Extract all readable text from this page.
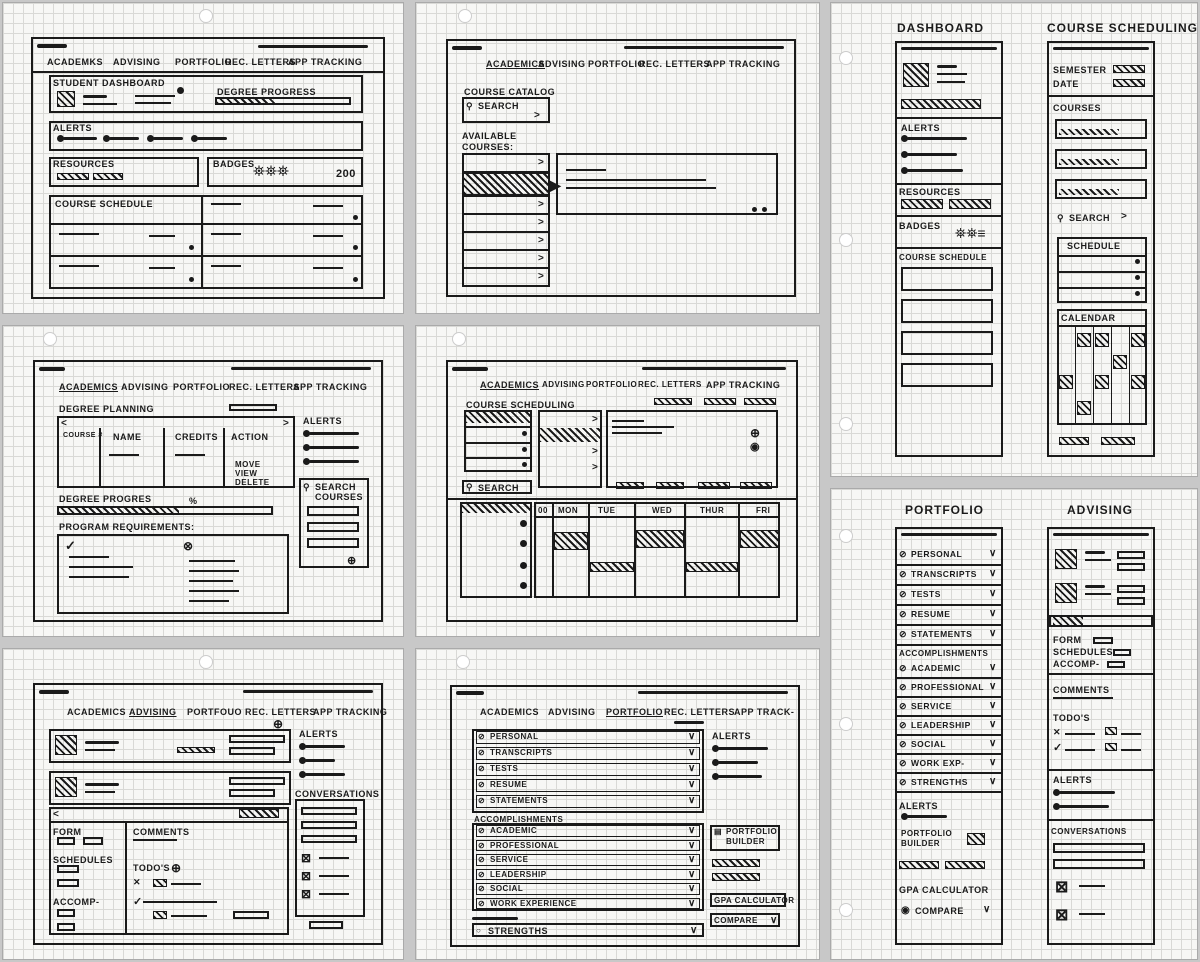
ACADEMKS ADVISING PORTFOLIO
REC. LETTERS
APP TRACKING
STUDENT DASHBOARD
DEGREE PROGRESS
ALERTS
RESOURCES	BADGES
⛯⛯⛯	200
COURSE SCHEDULE
ACADEMICS
ADVISING PORTFOLIO
REC. LETTERS
APP TRACKING
COURSE CATALOG
⚲ SEARCH
>
AVAILABLE COURSES:
▶
>
>
>
>
>
>
ACADEMICS ADVISING PORTFOLIO REC. LETTERS
APP TRACKING
DEGREE PLANNING
<	>
COURSE # NAME	CREDITS ACTION
MOVE
VIEW
DELETE
DEGREE PROGRES	%
PROGRAM REQUIREMENTS:
✓	⊗
ALERTS
⚲ SEARCH COURSES
⊕
ACADEMICS ADVISING PORTFOLIO REC. LETTERS APP TRACKING
COURSE SCHEDULING
>
>
>
⊕
◉
⚲ SEARCH
00 MON TUE	WED	THUR	FRI
ACADEMICS ADVISING PORTFOUO REC. LETTERS
APP TRACKING
⊕
ALERTS
CONVERSATIONS
⊠
⊠
⊠
<
FORM
SCHEDULES
ACCOMP-
COMMENTS
TODO'S ⊕
✕
✓
ACADEMICS ADVISING PORTFOLIO REC. LETTERS
APP TRACK-
ACCOMPLISHMENTS
○ STRENGTHS	∨
ALERTS
▤ PORTFOLIO BUILDER
GPA CALCULATOR
COMPARE ∨
⊘ PERSONAL	∨
⊘ TRANSCRIPTS	∨
⊘ TESTS	∨
⊘ RESUME	∨
⊘ STATEMENTS	∨
⊘ ACADEMIC	∨
⊘ PROFESSIONAL	∨
⊘ SERVICE	∨
⊘ LEADERSHIP	∨
⊘ SOCIAL	∨
⊘ WORK EXPERIENCE	∨
DASHBOARD	COURSE SCHEDULING
ALERTS
RESOURCES
BADGES ⛯⛯≡
COURSE SCHEDULE
SEMESTER
DATE
COURSES
⚲ SEARCH >
SCHEDULE
CALENDAR
PORTFOLIO	ADVISING
ACCOMPLISHMENTS
ALERTS
PORTFOLIO BUILDER
GPA CALCULATOR
◉ COMPARE ∨
FORM
SCHEDULES
ACCOMP-
COMMENTS
TODO'S
✕
✓
ALERTS
CONVERSATIONS
⊠
⊠
⊘ PERSONAL	∨
⊘ TRANSCRIPTS ∨
⊘ TESTS	∨
⊘ RESUME	∨
⊘ STATEMENTS ∨
⊘ ACADEMIC	∨
⊘ PROFESSIONAL ∨
⊘ SERVICE	∨
⊘ LEADERSHIP ∨
⊘ SOCIAL	∨
⊘ WORK EXP- ∨
⊘ STRENGTHS ∨
